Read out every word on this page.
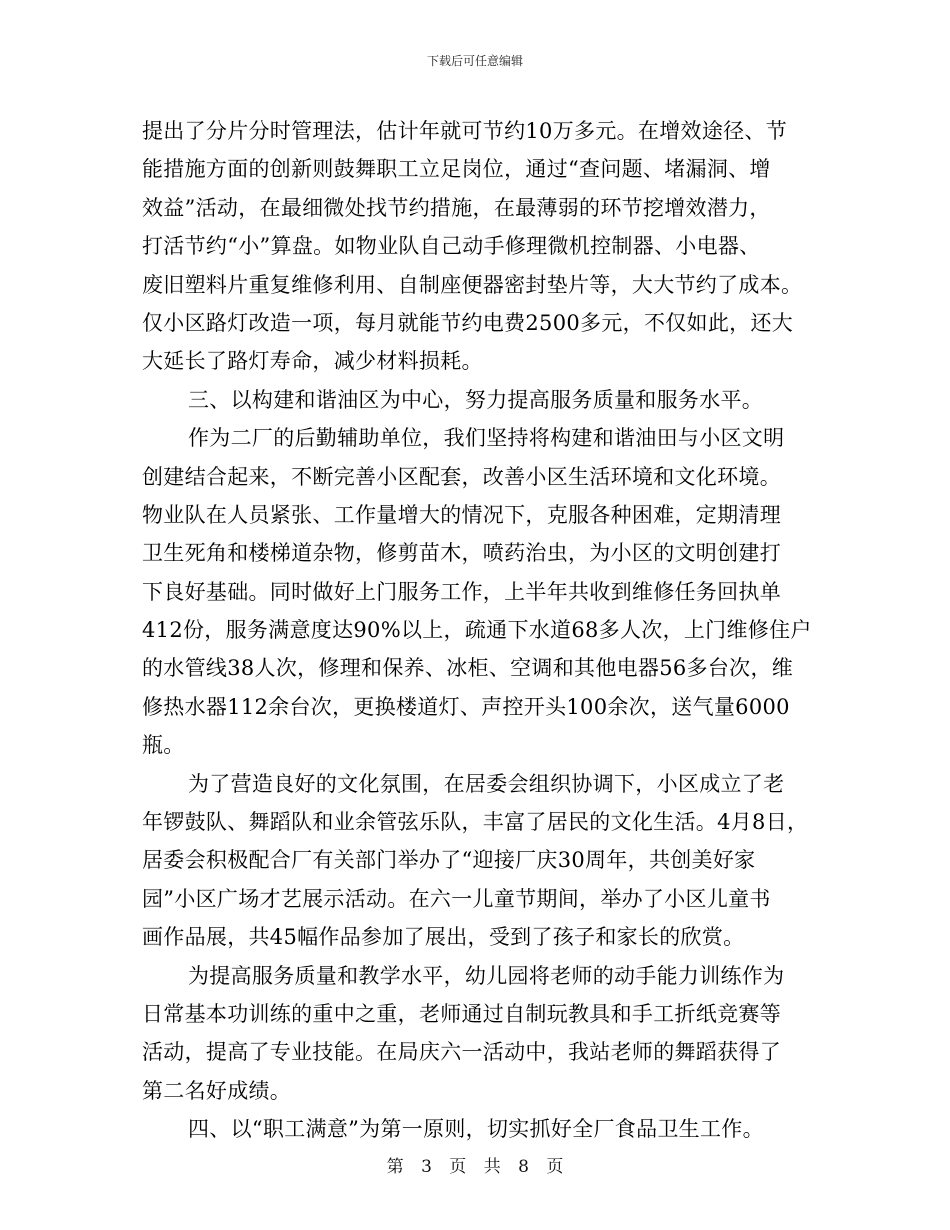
下载后可任意编辑
提出了分片分时管理法，估计年就可节约10万多元。在增效途径、节
能措施方面的创新则鼓舞职工立足岗位，通过“查问题、堵漏洞、增
效益”活动，在最细微处找节约措施，在最薄弱的环节挖增效潜力，
打活节约“小”算盘。如物业队自己动手修理微机控制器、小电器、
废旧塑料片重复维修利用、自制座便器密封垫片等，大大节约了成本。
仅小区路灯改造一项，每月就能节约电费2500多元，不仅如此，还大
大延长了路灯寿命，减少材料损耗。
三、以构建和谐油区为中心，努力提高服务质量和服务水平。
作为二厂的后勤辅助单位，我们坚持将构建和谐油田与小区文明
创建结合起来，不断完善小区配套，改善小区生活环境和文化环境。
物业队在人员紧张、工作量增大的情况下，克服各种困难，定期清理
卫生死角和楼梯道杂物，修剪苗木，喷药治虫，为小区的文明创建打
下良好基础。同时做好上门服务工作，上半年共收到维修任务回执单
412份，服务满意度达90%以上，疏通下水道68多人次，上门维修住户
的水管线38人次，修理和保养、冰柜、空调和其他电器56多台次，维
修热水器112余台次，更换楼道灯、声控开头100余次，送气量6000
瓶。
为了营造良好的文化氛围，在居委会组织协调下，小区成立了老
年锣鼓队、舞蹈队和业余管弦乐队，丰富了居民的文化生活。4月8日，
居委会积极配合厂有关部门举办了“迎接厂庆30周年，共创美好家
园”小区广场才艺展示活动。在六一儿童节期间，举办了小区儿童书
画作品展，共45幅作品参加了展出，受到了孩子和家长的欣赏。
为提高服务质量和教学水平，幼儿园将老师的动手能力训练作为
日常基本功训练的重中之重，老师通过自制玩教具和手工折纸竞赛等
活动，提高了专业技能。在局庆六一活动中，我站老师的舞蹈获得了
第二名好成绩。
四、以“职工满意”为第一原则，切实抓好全厂食品卫生工作。
第 3 页 共 8 页
